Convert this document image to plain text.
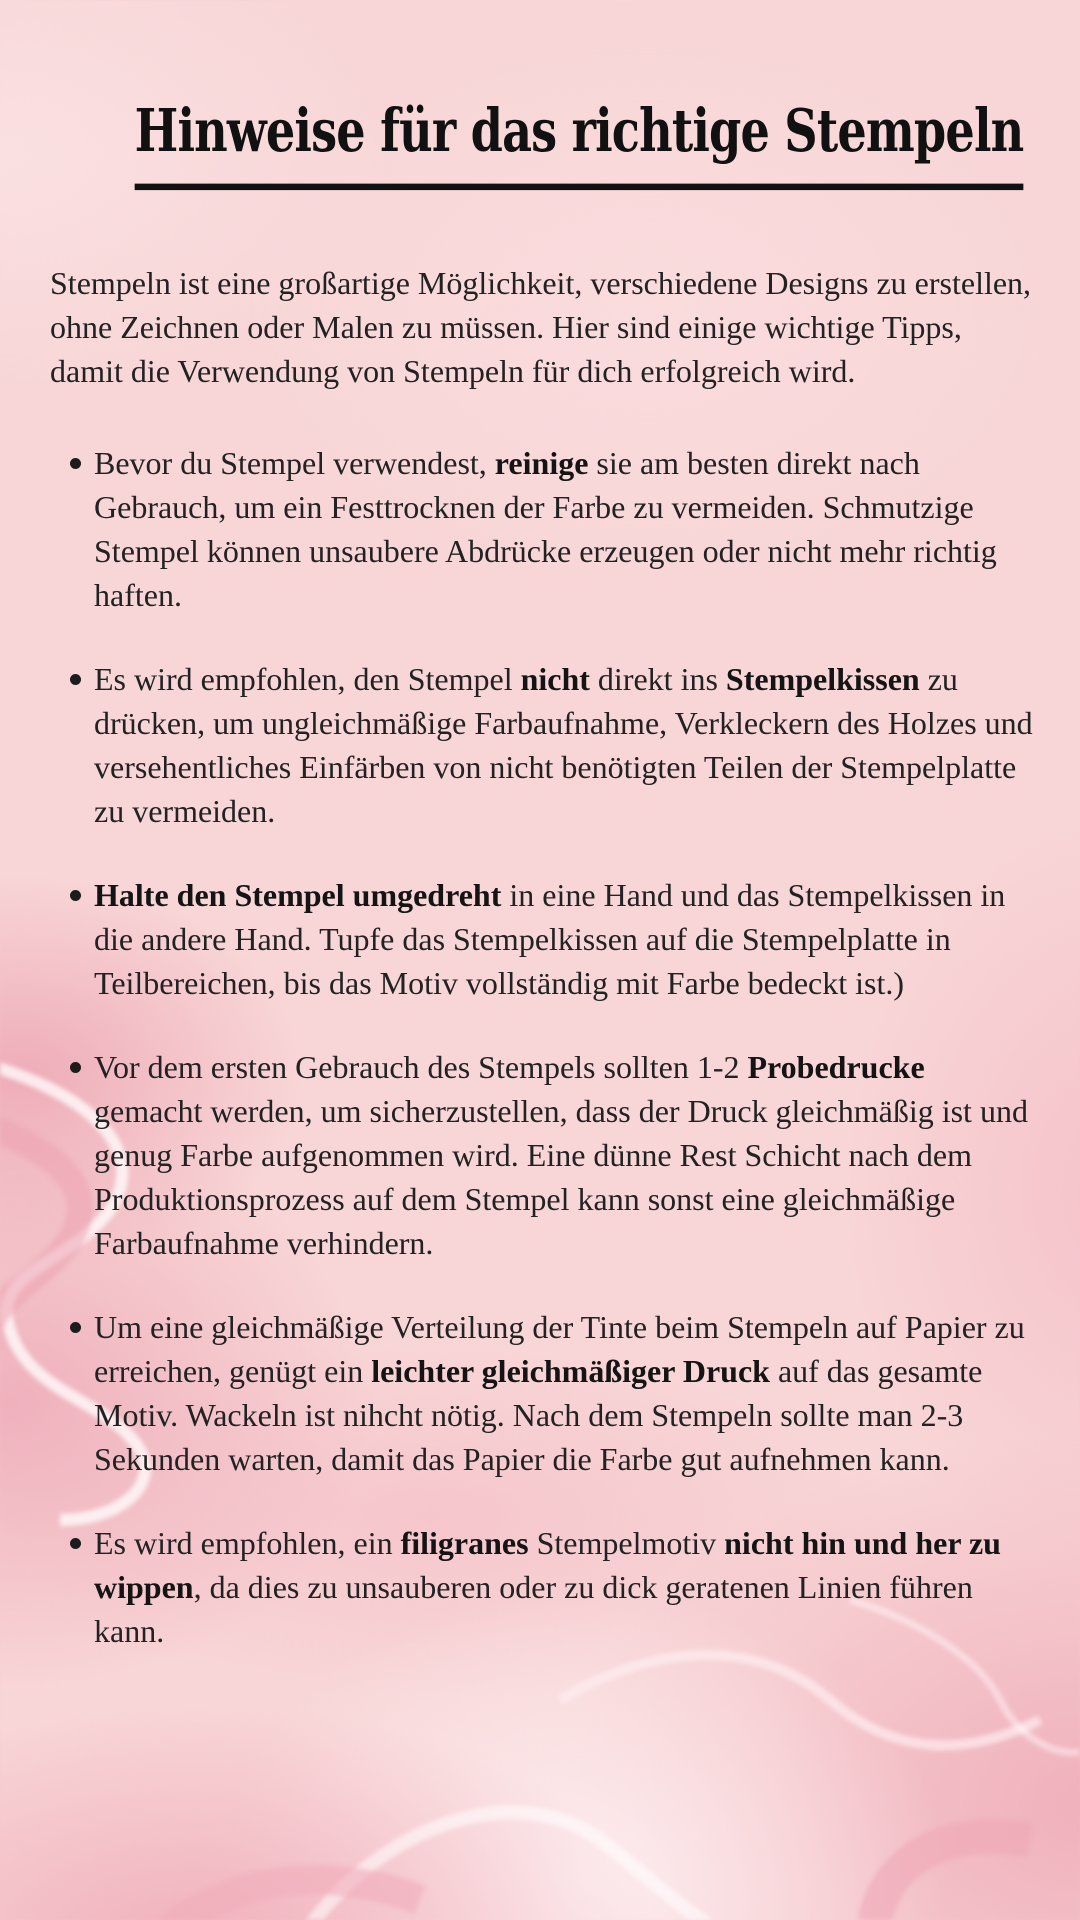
Hinweise für das richtige Stempeln

Stempeln ist eine großartige Möglichkeit, verschiedene Designs zu erstellen, ohne Zeichnen oder Malen zu müssen. Hier sind einige wichtige Tipps, damit die Verwendung von Stempeln für dich erfolgreich wird.

Bevor du Stempel verwendest, reinige sie am besten direkt nach Gebrauch, um ein Festtrocknen der Farbe zu vermeiden. Schmutzige Stempel können unsaubere Abdrücke erzeugen oder nicht mehr richtig haften.
Es wird empfohlen, den Stempel nicht direkt ins Stempelkissen zu drücken, um ungleichmäßige Farbaufnahme, Verkleckern des Holzes und versehentliches Einfärben von nicht benötigten Teilen der Stempelplatte zu vermeiden.
Halte den Stempel umgedreht in eine Hand und das Stempelkissen in die andere Hand. Tupfe das Stempelkissen auf die Stempelplatte in Teilbereichen, bis das Motiv vollständig mit Farbe bedeckt ist.)
Vor dem ersten Gebrauch des Stempels sollten 1-2 Probedrucke gemacht werden, um sicherzustellen, dass der Druck gleichmäßig ist und genug Farbe aufgenommen wird. Eine dünne Rest Schicht nach dem Produktionsprozess auf dem Stempel kann sonst eine gleichmäßige Farbaufnahme verhindern.
Um eine gleichmäßige Verteilung der Tinte beim Stempeln auf Papier zu erreichen, genügt ein leichter gleichmäßiger Druck auf das gesamte Motiv. Wackeln ist nihcht nötig. Nach dem Stempeln sollte man 2-3 Sekunden warten, damit das Papier die Farbe gut aufnehmen kann.
Es wird empfohlen, ein filigranes Stempelmotiv nicht hin und her zu wippen, da dies zu unsauberen oder zu dick geratenen Linien führen kann.
